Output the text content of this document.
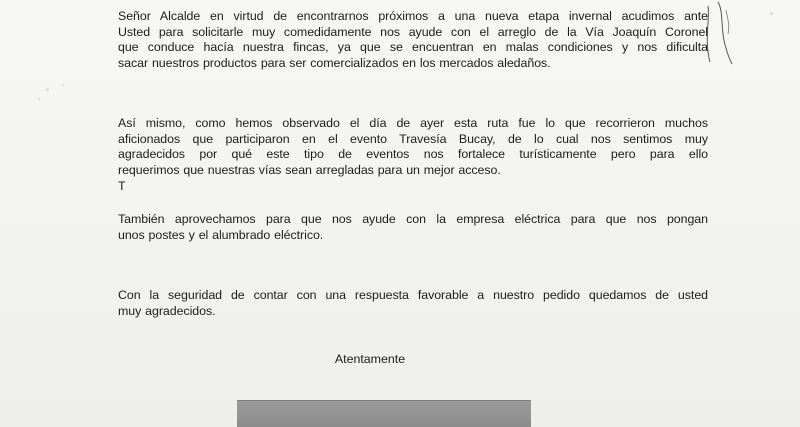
Señor Alcalde en virtud de encontrarnos próximos a una nueva etapa invernal acudimos ante
Usted para solicitarle muy comedidamente nos ayude con el arreglo de la Vía Joaquín Coronel
que conduce hacía nuestra fincas, ya que se encuentran en malas condiciones y nos dificulta
sacar nuestros productos para ser comercializados en los mercados aledaños.
Así mismo, como hemos observado el día de ayer esta ruta fue lo que recorrieron muchos
aficionados que participaron en el evento Travesía Bucay, de lo cual nos sentimos muy
agradecidos por qué este tipo de eventos nos fortalece turísticamente pero para ello
requerimos que nuestras vías sean arregladas para un mejor acceso.
T
También aprovechamos para que nos ayude con la empresa eléctrica para que nos pongan
unos postes y el alumbrado eléctrico.
Con la seguridad de contar con una respuesta favorable a nuestro pedido quedamos de usted
muy agradecidos.
Atentamente
